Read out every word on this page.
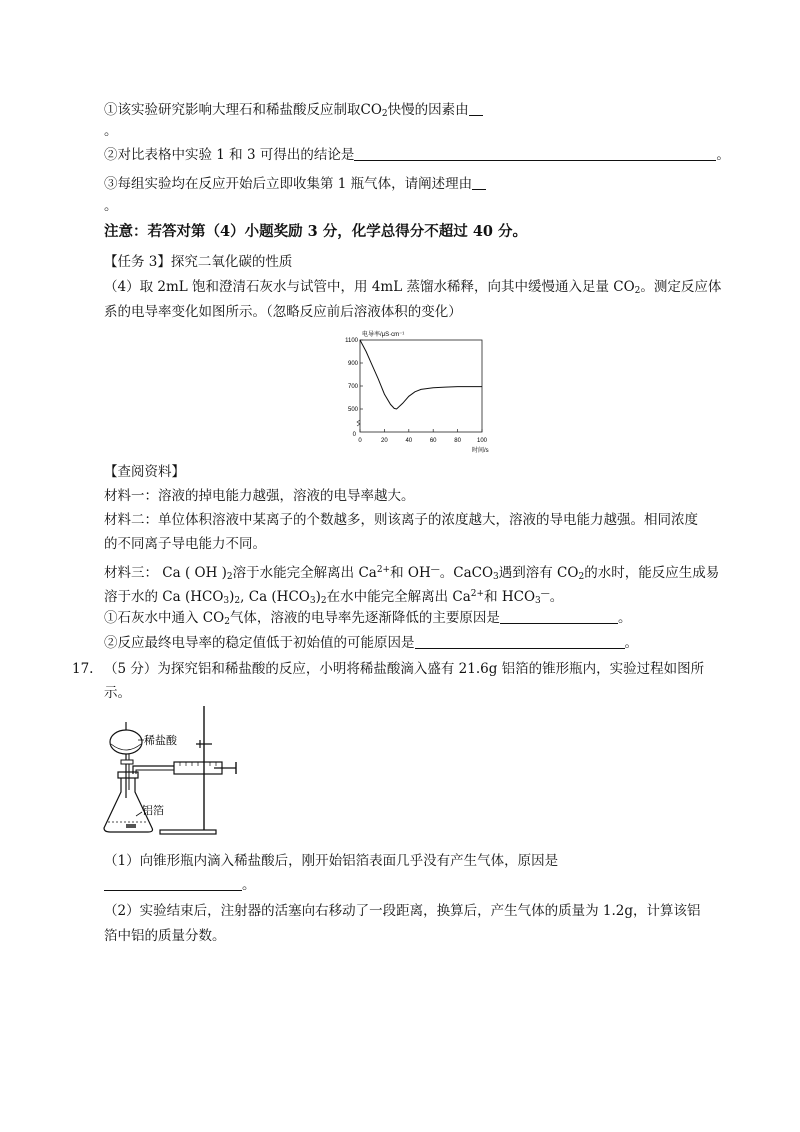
①该实验研究影响大理石和稀盐酸反应制取$CO_2$快慢的因素由
。
②对比表格中实验 1 和 3 可得出的结论是	。
③每组实验均在反应开始后立即收集第 1 瓶气体，请阐述理由
。
注意：若答对第（4）小题奖励 3 分，化学总得分不超过 40 分。
【任务 3】探究二氧化碳的性质
（4）取 2mL 饱和澄清石灰水与试管中，用 4mL 蒸馏水稀释，向其中缓慢通入足量 $CO_2$。测定反应体
系的电导率变化如图所示。（忽略反应前后溶液体积的变化）
电导率/μS·cm⁻¹
时间/s
1100
900
700
500
0	20	40	60	80	100
0
【查阅资料】
材料一：溶液的掉电能力越强，溶液的电导率越大。
材料二：单位体积溶液中某离子的个数越多，则该离子的浓度越大，溶液的导电能力越强。相同浓度
的不同离子导电能力不同。
材料三： Ca ( OH )$_2$溶于水能完全解离出 $Ca^{2+}$和 OH—。CaCO$_3$遇到溶有 $CO_2$的水时，能反应生成易
溶于水的 Ca $(HCO_3)_2$, Ca $(HCO_3)_2$在水中能完全解离出 $Ca^{2+}$和 $HCO_3^—$。
①石灰水中通入 $CO_2$气体，溶液的电导率先逐渐降低的主要原因是	。
②反应最终电导率的稳定值低于初始值的可能原因是	。
17. （5 分）为探究铝和稀盐酸的反应，小明将稀盐酸滴入盛有 21.6g 铝箔的锥形瓶内，实验过程如图所
示。
稀盐酸
铝箔
（1）向锥形瓶内滴入稀盐酸后，刚开始铝箔表面几乎没有产生气体，原因是
。
（2）实验结束后，注射器的活塞向右移动了一段距离，换算后，产生气体的质量为 1.2g，计算该铝
箔中铝的质量分数。
